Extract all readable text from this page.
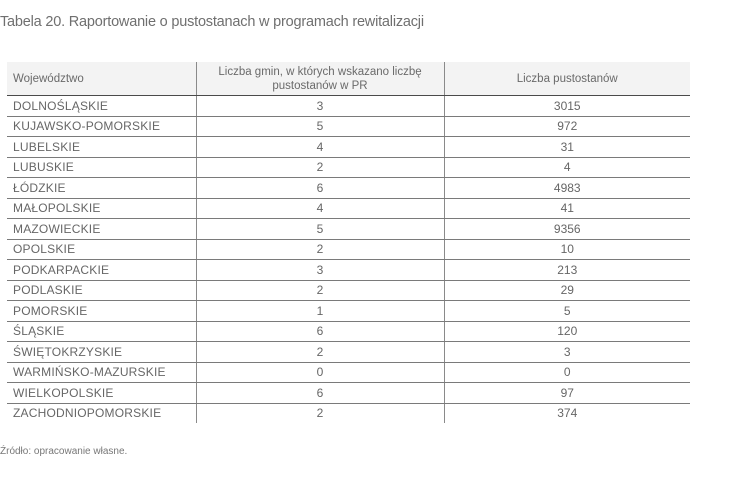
Tabela 20. Raportowanie o pustostanach w programach rewitalizacji
Województwo	Liczba gmin, w których wskazano liczbę pustostanów w PR	Liczba pustostanów
DOLNOŚLĄSKIE	3	3015
KUJAWSKO-POMORSKIE	5	972
LUBELSKIE	4	31
LUBUSKIE	2	4
ŁÓDZKIE	6	4983
MAŁOPOLSKIE	4	41
MAZOWIECKIE	5	9356
OPOLSKIE	2	10
PODKARPACKIE	3	213
PODLASKIE	2	29
POMORSKIE	1	5
ŚLĄSKIE	6	120
ŚWIĘTOKRZYSKIE	2	3
WARMIŃSKO-MAZURSKIE	0	0
WIELKOPOLSKIE	6	97
ZACHODNIOPOMORSKIE	2	374
Źródło: opracowanie własne.
